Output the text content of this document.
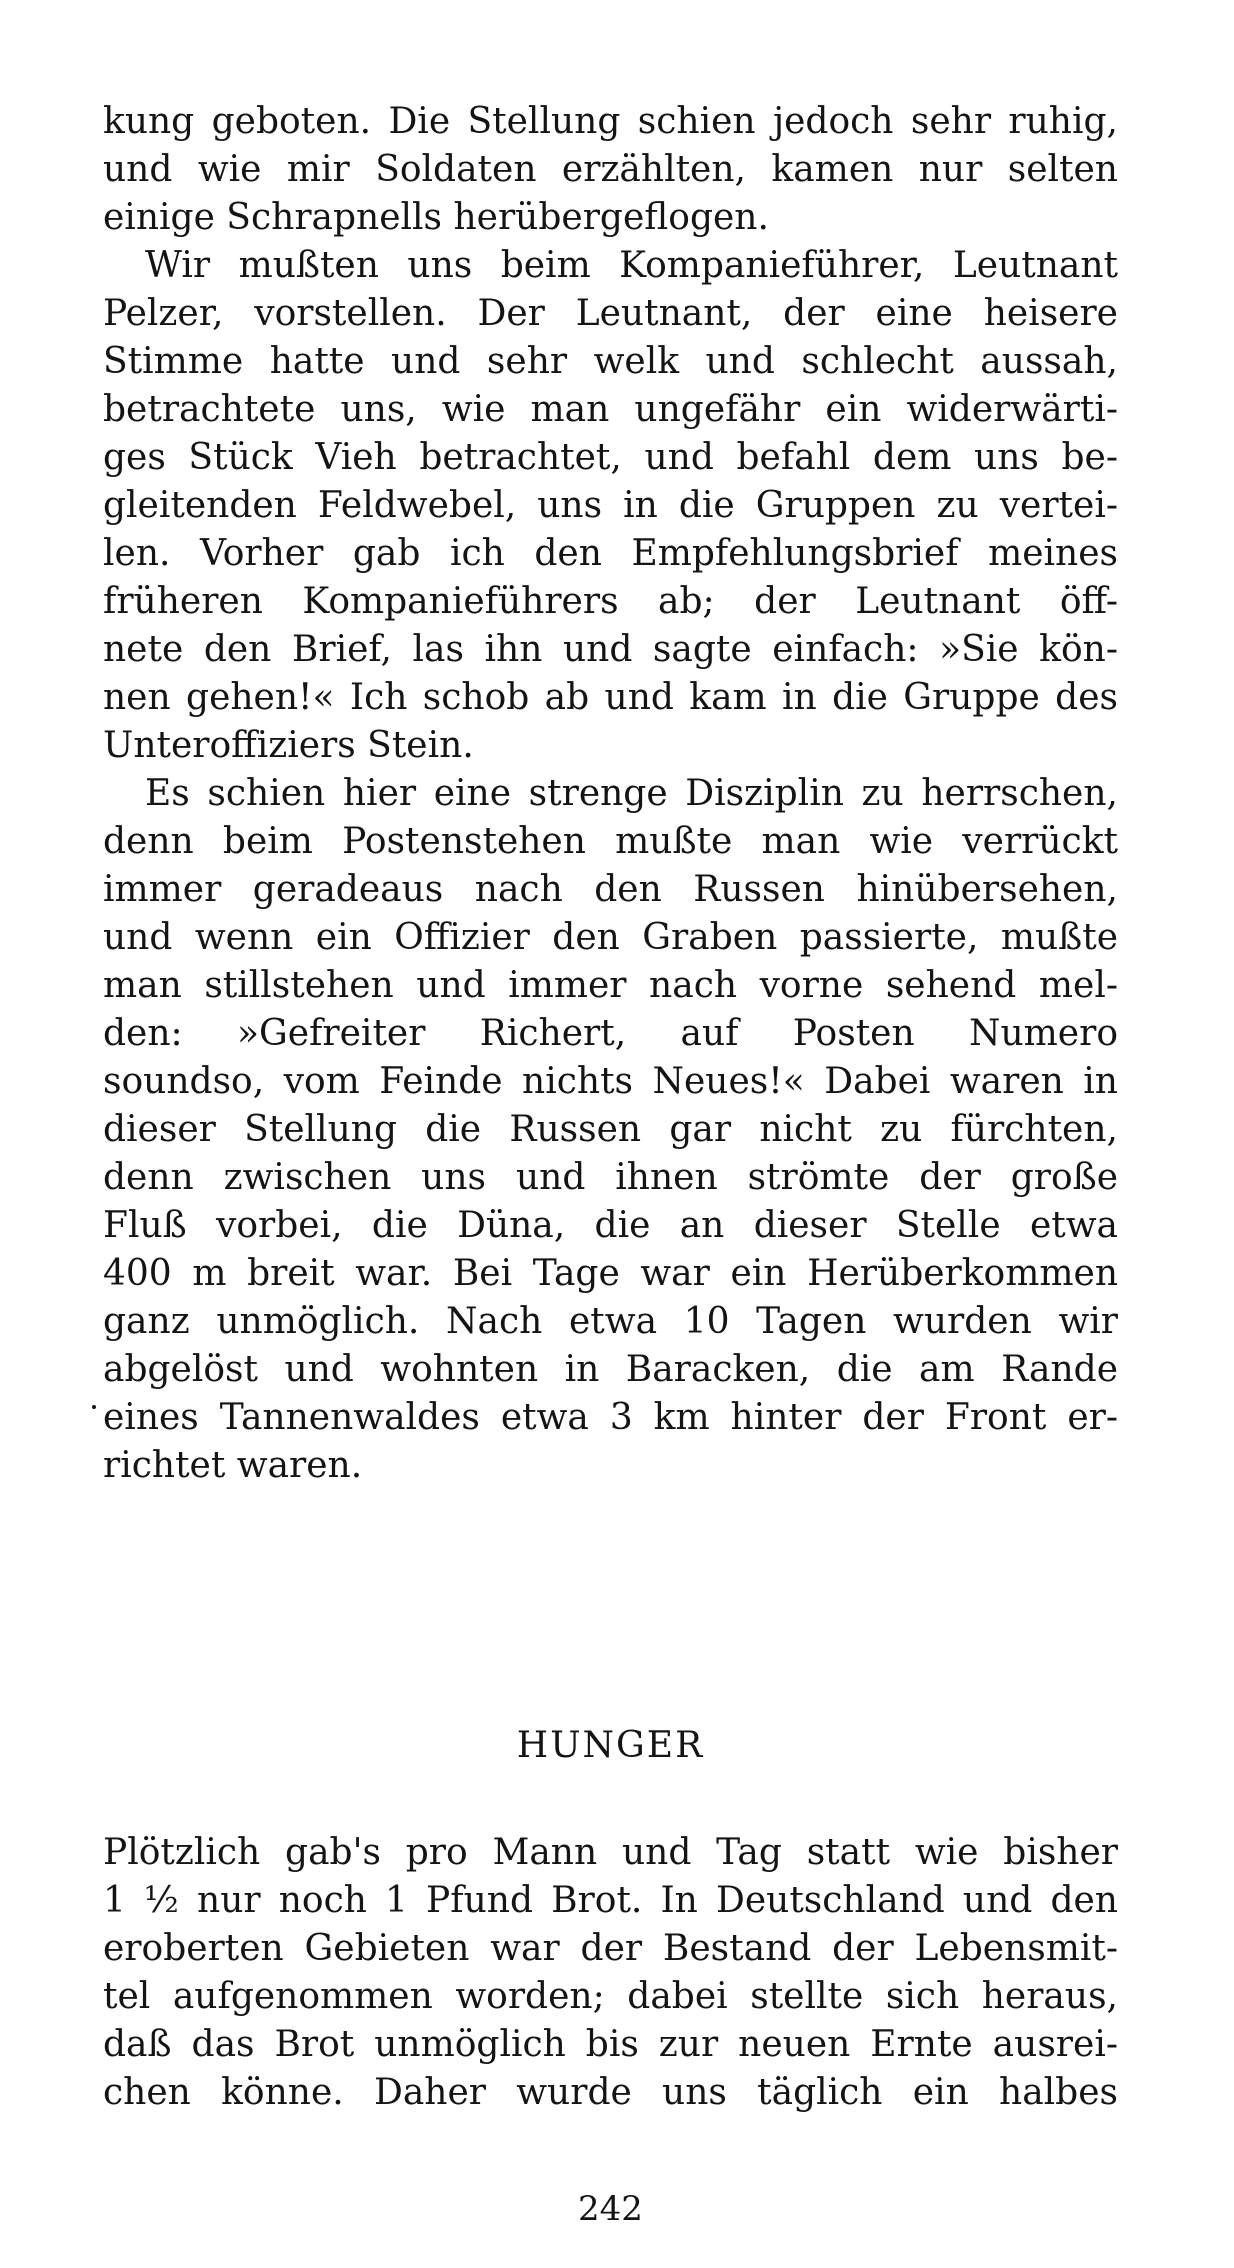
kung geboten. Die Stellung schien jedoch sehr ruhig,
und wie mir Soldaten erzählten, kamen nur selten
einige Schrapnells herübergeflogen.
Wir mußten uns beim Kompanieführer, Leutnant
Pelzer, vorstellen. Der Leutnant, der eine heisere
Stimme hatte und sehr welk und schlecht aussah,
betrachtete uns, wie man ungefähr ein widerwärti-
ges Stück Vieh betrachtet, und befahl dem uns be-
gleitenden Feldwebel, uns in die Gruppen zu vertei-
len. Vorher gab ich den Empfehlungsbrief meines
früheren Kompanieführers ab; der Leutnant öff-
nete den Brief, las ihn und sagte einfach: »Sie kön-
nen gehen!« Ich schob ab und kam in die Gruppe des
Unteroffiziers Stein.
Es schien hier eine strenge Disziplin zu herrschen,
denn beim Postenstehen mußte man wie verrückt
immer geradeaus nach den Russen hinübersehen,
und wenn ein Offizier den Graben passierte, mußte
man stillstehen und immer nach vorne sehend mel-
den: »Gefreiter Richert, auf Posten Numero
soundso, vom Feinde nichts Neues!« Dabei waren in
dieser Stellung die Russen gar nicht zu fürchten,
denn zwischen uns und ihnen strömte der große
Fluß vorbei, die Düna, die an dieser Stelle etwa
400 m breit war. Bei Tage war ein Herüberkommen
ganz unmöglich. Nach etwa 10 Tagen wurden wir
abgelöst und wohnten in Baracken, die am Rande
eines Tannenwaldes etwa 3 km hinter der Front er-
richtet waren.
HUNGER
Plötzlich gab's pro Mann und Tag statt wie bisher
1 ½ nur noch 1 Pfund Brot. In Deutschland und den
eroberten Gebieten war der Bestand der Lebensmit-
tel aufgenommen worden; dabei stellte sich heraus,
daß das Brot unmöglich bis zur neuen Ernte ausrei-
chen könne. Daher wurde uns täglich ein halbes
242
